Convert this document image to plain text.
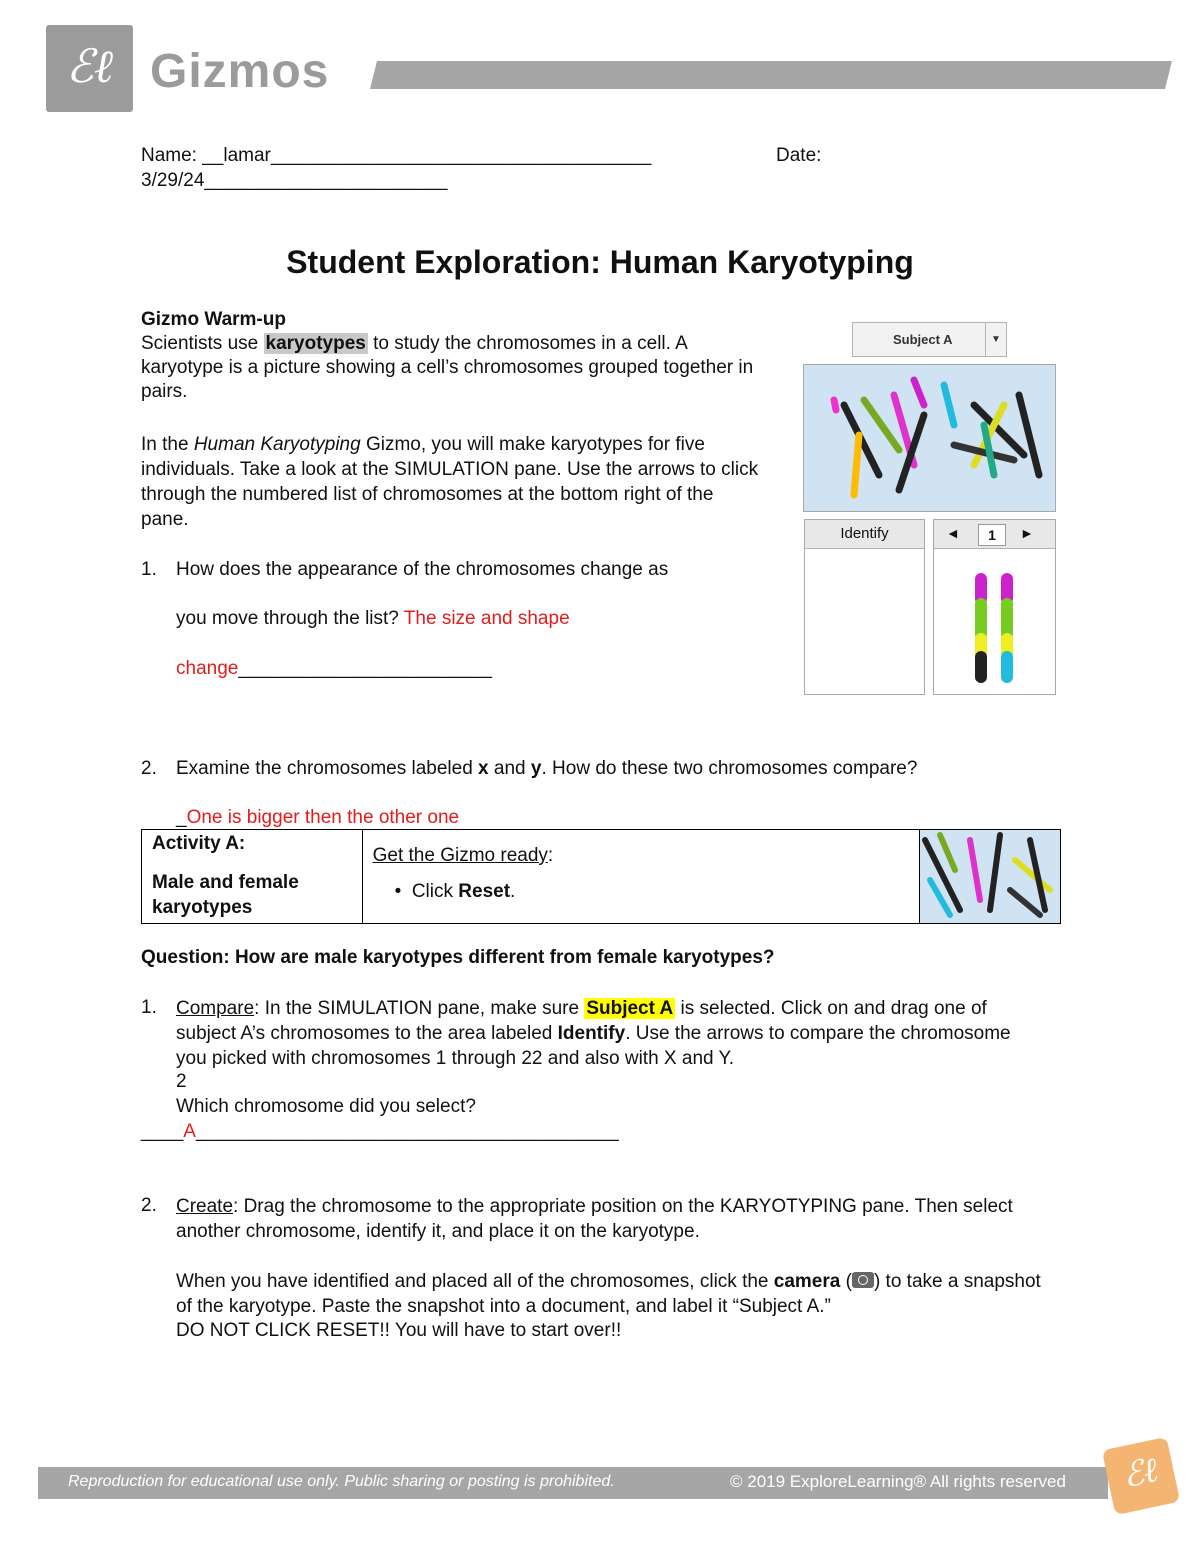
ℰℓ Gizmos
Name: __lamar____________________________________	Date:
3/29/24_______________________
Student Exploration: Human Karyotyping
Gizmo Warm-up
Scientists use karyotypes to study the chromosomes in a cell. A karyotype is a picture showing a cell’s chromosomes grouped together in pairs.
In the Human Karyotyping Gizmo, you will make karyotypes for five individuals. Take a look at the SIMULATION pane. Use the arrows to click through the numbered list of chromosomes at the bottom right of the pane.
1. How does the appearance of the chromosomes change as
you move through the list? The size and shape
change________________________
Subject A	▼
Identify	◄	1	►
2. Examine the chromosomes labeled x and y. How do these two chromosomes compare?
_One is bigger then the other one
Activity A:
Male and female karyotypes

Get the Gizmo ready:
•  Click Reset.

Question: How are male karyotypes different from female karyotypes?
1. Compare: In the SIMULATION pane, make sure Subject A is selected. Click on and drag one of subject A’s chromosomes to the area labeled Identify. Use the arrows to compare the chromosome you picked with chromosomes 1 through 22 and also with X and Y.
2
Which chromosome did you select?
____A________________________________________
2. Create: Drag the chromosome to the appropriate position on the KARYOTYPING pane. Then select another chromosome, identify it, and place it on the karyotype.
When you have identified and placed all of the chromosomes, click the camera ( ) to take a snapshot of the karyotype. Paste the snapshot into a document, and label it “Subject A.”
DO NOT CLICK RESET!! You will have to start over!!
Reproduction for educational use only. Public sharing or posting is prohibited.	© 2019 ExploreLearning® All rights reserved	ℰℓ
